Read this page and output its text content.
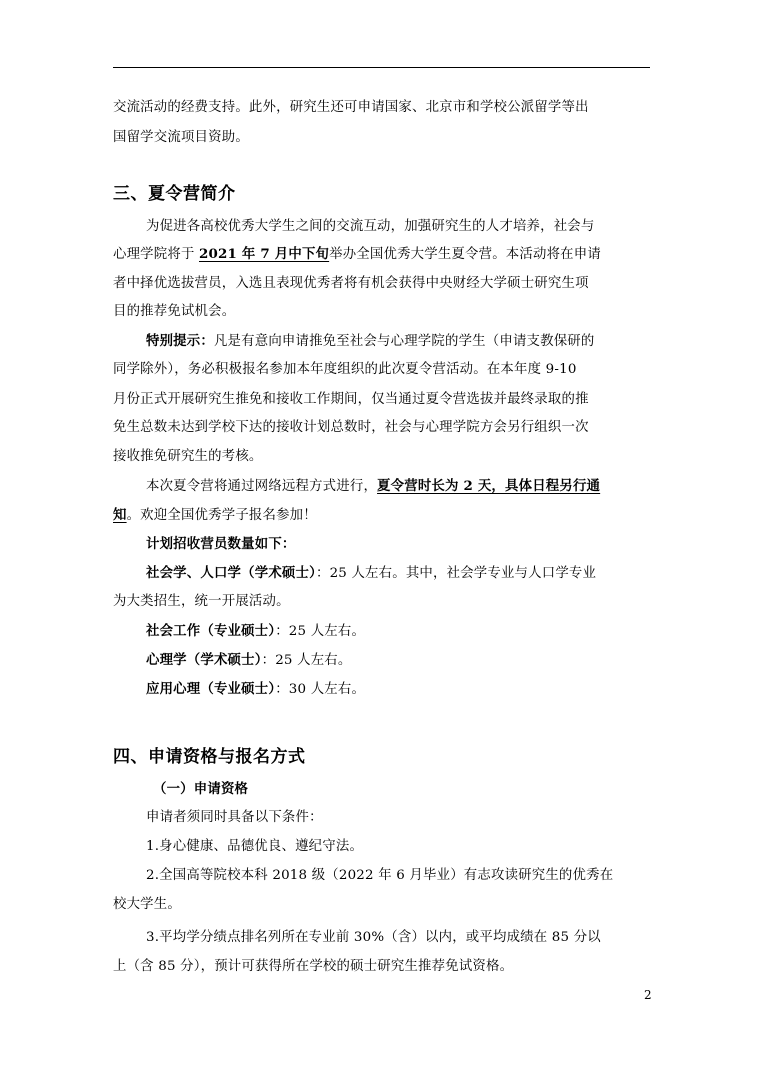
交流活动的经费支持。此外，研究生还可申请国家、北京市和学校公派留学等出
国留学交流项目资助。
三、夏令营简介
为促进各高校优秀大学生之间的交流互动，加强研究生的人才培养，社会与
心理学院将于 2021 年 7 月中下旬举办全国优秀大学生夏令营。本活动将在申请
者中择优选拔营员，入选且表现优秀者将有机会获得中央财经大学硕士研究生项
目的推荐免试机会。
特别提示：凡是有意向申请推免至社会与心理学院的学生（申请支教保研的
同学除外），务必积极报名参加本年度组织的此次夏令营活动。在本年度 9-10
月份正式开展研究生推免和接收工作期间，仅当通过夏令营选拔并最终录取的推
免生总数未达到学校下达的接收计划总数时，社会与心理学院方会另行组织一次
接收推免研究生的考核。
本次夏令营将通过网络远程方式进行，夏令营时长为 2 天，具体日程另行通
知。欢迎全国优秀学子报名参加！
计划招收营员数量如下：
社会学、人口学（学术硕士）：25 人左右。其中，社会学专业与人口学专业
为大类招生，统一开展活动。
社会工作（专业硕士）：25 人左右。
心理学（学术硕士）：25 人左右。
应用心理（专业硕士）：30 人左右。
四、申请资格与报名方式
（一）申请资格
申请者须同时具备以下条件：
1.身心健康、品德优良、遵纪守法。
2.全国高等院校本科 2018 级（2022 年 6 月毕业）有志攻读研究生的优秀在
校大学生。
3.平均学分绩点排名列所在专业前 30%（含）以内，或平均成绩在 85 分以
上（含 85 分），预计可获得所在学校的硕士研究生推荐免试资格。
2
